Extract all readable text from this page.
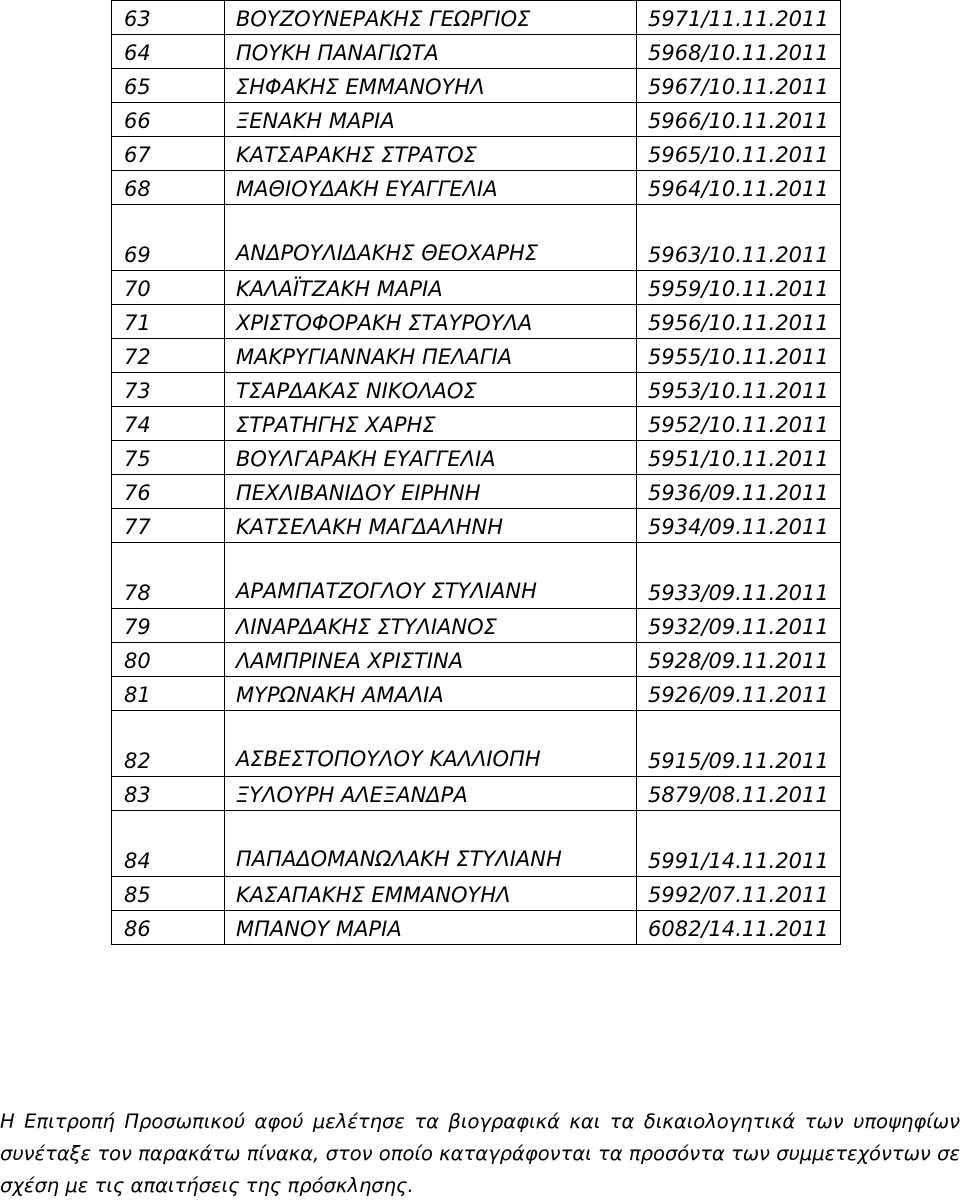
63	ΒΟΥΖΟΥΝΕΡΑΚΗΣ ΓΕΩΡΓΙΟΣ	5971/11.11.2011
64	ΠΟΥΚΗ ΠΑΝΑΓΙΩΤΑ	5968/10.11.2011
65	ΣΗΦΑΚΗΣ ΕΜΜΑΝΟΥΗΛ	5967/10.11.2011
66	ΞΕΝΑΚΗ ΜΑΡΙΑ	5966/10.11.2011
67	ΚΑΤΣΑΡΑΚΗΣ ΣΤΡΑΤΟΣ	5965/10.11.2011
68	ΜΑΘΙΟΥΔΑΚΗ ΕΥΑΓΓΕΛΙΑ	5964/10.11.2011
69	ΑΝΔΡΟΥΛΙΔΑΚΗΣ ΘΕΟΧΑΡΗΣ	5963/10.11.2011
70	ΚΑΛΑΪΤΖΑΚΗ ΜΑΡΙΑ	5959/10.11.2011
71	ΧΡΙΣΤΟΦΟΡΑΚΗ ΣΤΑΥΡΟΥΛΑ	5956/10.11.2011
72	ΜΑΚΡΥΓΙΑΝΝΑΚΗ ΠΕΛΑΓΙΑ	5955/10.11.2011
73	ΤΣΑΡΔΑΚΑΣ ΝΙΚΟΛΑΟΣ	5953/10.11.2011
74	ΣΤΡΑΤΗΓΗΣ ΧΑΡΗΣ	5952/10.11.2011
75	ΒΟΥΛΓΑΡΑΚΗ ΕΥΑΓΓΕΛΙΑ	5951/10.11.2011
76	ΠΕΧΛΙΒΑΝΙΔΟΥ ΕΙΡΗΝΗ	5936/09.11.2011
77	ΚΑΤΣΕΛΑΚΗ ΜΑΓΔΑΛΗΝΗ	5934/09.11.2011
78	ΑΡΑΜΠΑΤΖΟΓΛΟΥ ΣΤΥΛΙΑΝΗ	5933/09.11.2011
79	ΛΙΝΑΡΔΑΚΗΣ ΣΤΥΛΙΑΝΟΣ	5932/09.11.2011
80	ΛΑΜΠΡΙΝΕΑ ΧΡΙΣΤΙΝΑ	5928/09.11.2011
81	ΜΥΡΩΝΑΚΗ ΑΜΑΛΙΑ	5926/09.11.2011
82	ΑΣΒΕΣΤΟΠΟΥΛΟΥ ΚΑΛΛΙΟΠΗ	5915/09.11.2011
83	ΞΥΛΟΥΡΗ ΑΛΕΞΑΝΔΡΑ	5879/08.11.2011
84	ΠΑΠΑΔΟΜΑΝΩΛΑΚΗ ΣΤΥΛΙΑΝΗ	5991/14.11.2011
85	ΚΑΣΑΠΑΚΗΣ ΕΜΜΑΝΟΥΗΛ	5992/07.11.2011
86	ΜΠΑΝΟΥ ΜΑΡΙΑ	6082/14.11.2011

Η Επιτροπή Προσωπικού αφού μελέτησε τα βιογραφικά και τα δικαιολογητικά των υποψηφίων συνέταξε τον παρακάτω πίνακα, στον οποίο καταγράφονται τα προσόντα των συμμετεχόντων σε σχέση με τις απαιτήσεις της πρόσκλησης.
